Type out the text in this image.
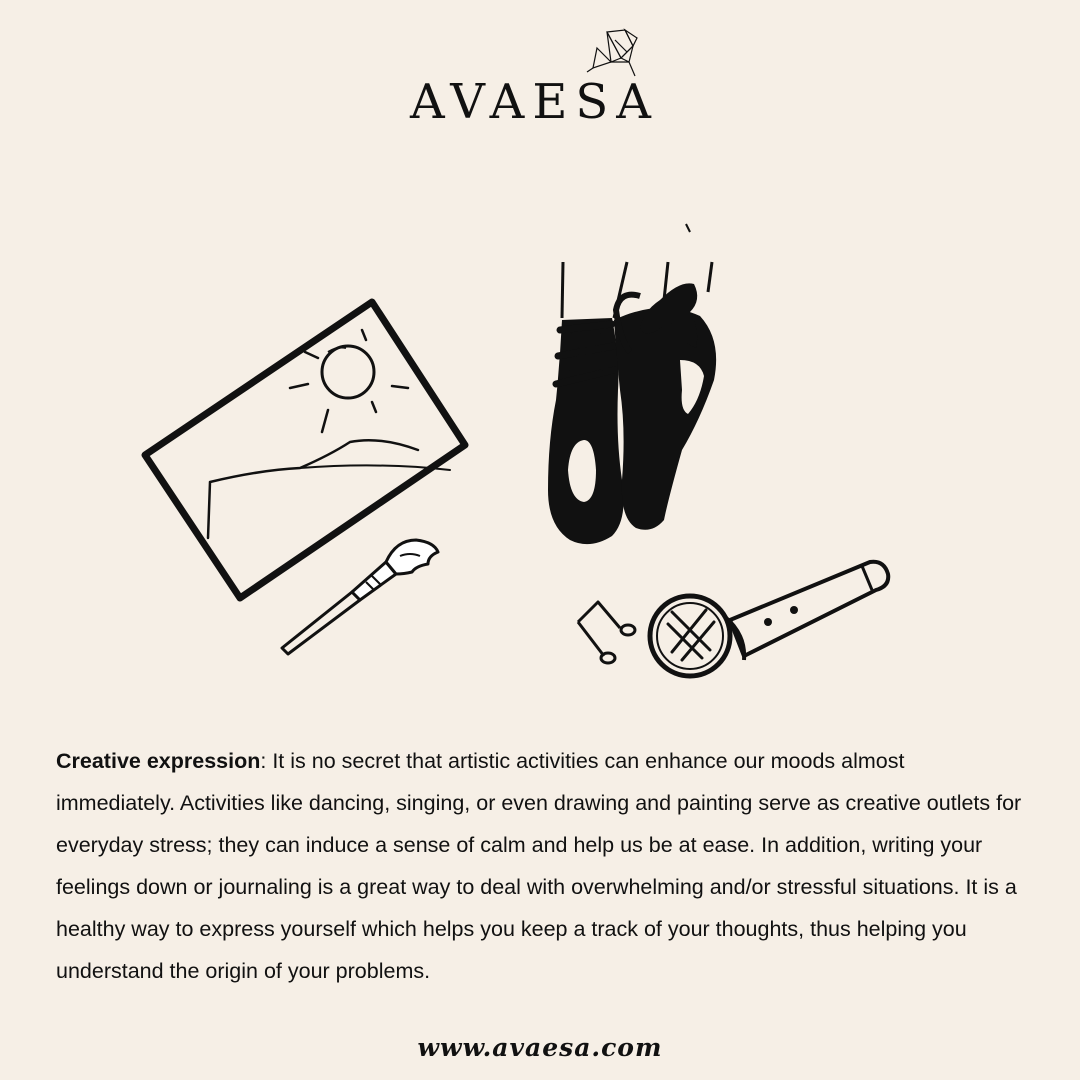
AVAESA
Creative expression: It is no secret that artistic activities can enhance our moods almost immediately. Activities like dancing, singing, or even drawing and painting serve as creative outlets for everyday stress; they can induce a sense of calm and help us be at ease. In addition, writing your feelings down or journaling is a great way to deal with overwhelming and/or stressful situations. It is a healthy way to express yourself which helps you keep a track of your thoughts, thus helping you understand the origin of your problems.
www.avaesa.com
